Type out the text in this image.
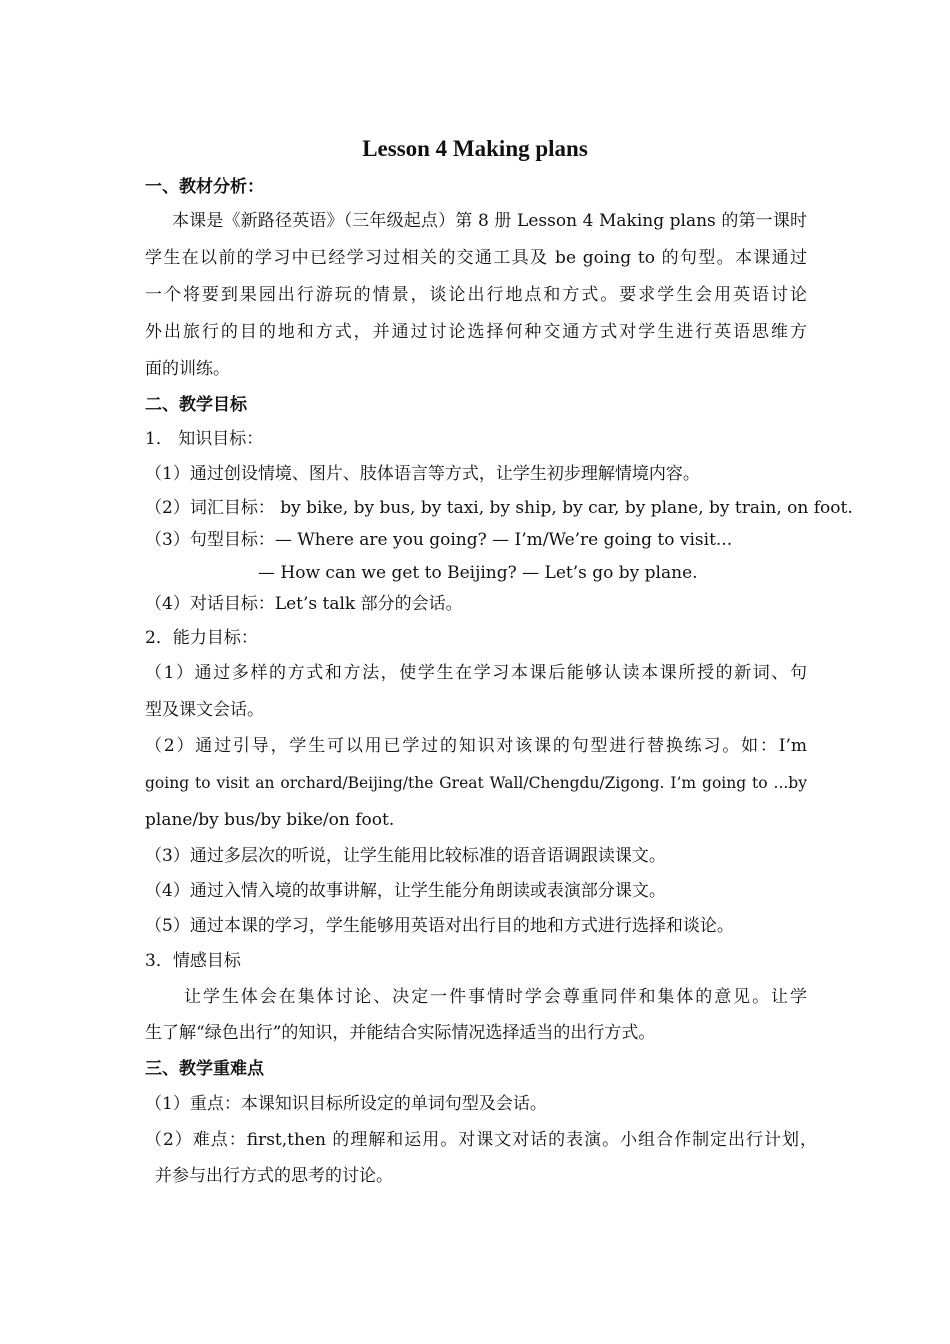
Lesson 4 Making plans
一、教材分析：
本课是《新路径英语》（三年级起点）第 8 册 Lesson 4 Making plans 的第一课时
学生在以前的学习中已经学习过相关的交通工具及 be going to 的句型。本课通过
一个将要到果园出行游玩的情景，谈论出行地点和方式。要求学生会用英语讨论
外出旅行的目的地和方式，并通过讨论选择何种交通方式对学生进行英语思维方
面的训练。
二、教学目标
1． 知识目标：
（1）通过创设情境、图片、肢体语言等方式，让学生初步理解情境内容。
（2）词汇目标： by bike, by bus, by taxi, by ship, by car, by plane, by train, on foot.
（3）句型目标：— Where are you going? — I’m/We’re going to visit...
— How can we get to Beijing? — Let’s go by plane.
（4）对话目标：Let’s talk 部分的会话。
2．能力目标：
（1）通过多样的方式和方法，使学生在学习本课后能够认读本课所授的新词、句
型及课文会话。
（2）通过引导，学生可以用已学过的知识对该课的句型进行替换练习。如：I’m
going to visit an orchard/Beijing/the Great Wall/Chengdu/Zigong. I’m going to ...by
plane/by bus/by bike/on foot.
（3）通过多层次的听说，让学生能用比较标准的语音语调跟读课文。
（4）通过入情入境的故事讲解，让学生能分角朗读或表演部分课文。
（5）通过本课的学习，学生能够用英语对出行目的地和方式进行选择和谈论。
3．情感目标
让学生体会在集体讨论、决定一件事情时学会尊重同伴和集体的意见。让学
生了解“绿色出行”的知识，并能结合实际情况选择适当的出行方式。
三、教学重难点
（1）重点：本课知识目标所设定的单词句型及会话。
（2）难点：first,then 的理解和运用。对课文对话的表演。小组合作制定出行计划，
并参与出行方式的思考的讨论。
